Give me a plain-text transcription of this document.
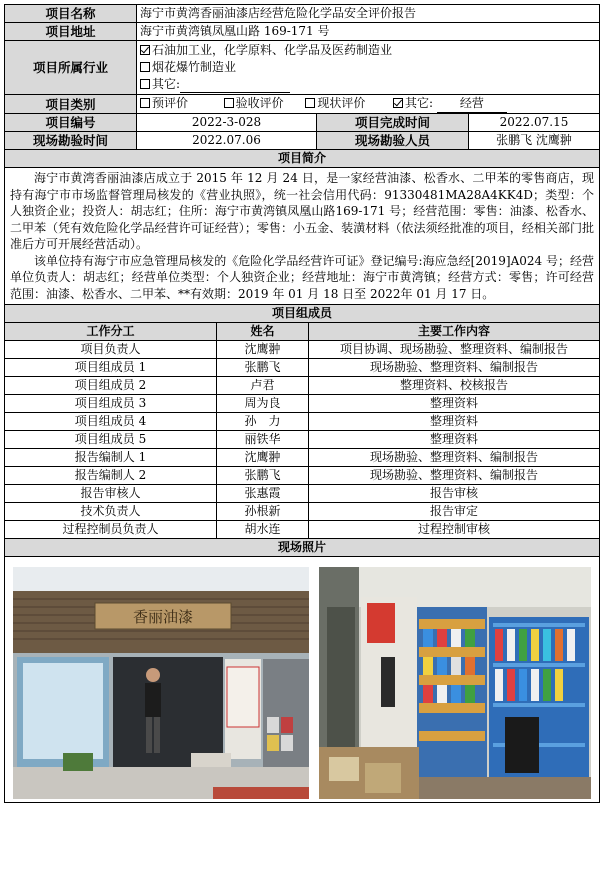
项目名称	海宁市黄湾香丽油漆店经营危险化学品安全评价报告		
项目地址	海宁市黄湾镇凤凰山路 169-171 号		
项目所属行业	石油加工业，化学原料、化学品及医药制造业
烟花爆竹制造业
其它:		

项目类别	预评价 验收评价 现状评价 其它: 经营		
项目编号	2022-3-028	项目完成时间	2022.07.15
现场勘验时间	2022.07.06	现场勘验人员	张鹏飞 沈鹰翀
项目简介			

海宁市黄湾香丽油漆店成立于 2015 年 12 月 24 日，是一家经营油漆、松香水、二甲苯的零售商店，现持有海宁市市场监督管理局核发的《营业执照》，统一社会信用代码：91330481MA28A4KK4D；类型：个人独资企业；投资人：胡志红；住所：海宁市黄湾镇凤凰山路169-171 号；经营范围：零售：油漆、松香水、二甲苯（凭有效危险化学品经营许可证经营）；零售：小五金、装潢材料（依法须经批准的项目，经相关部门批准后方可开展经营活动）。

该单位持有海宁市应急管理局核发的《危险化学品经营许可证》登记编号:海应急经[2019]A024 号；经营单位负责人：胡志红；经营单位类型：个人独资企业；经营地址：海宁市黄湾镇；经营方式：零售；许可经营范围：油漆、松香水、二甲苯、**有效期：2019 年 01 月 18 日至 2022年 01 月 17 日。			

项目组成员		
工作分工	姓名	主要工作内容
项目负责人	沈鹰翀	项目协调、现场勘验、整理资料、编制报告
项目组成员 1	张鹏飞	现场勘验、整理资料、编制报告
项目组成员 2	卢君	整理资料、校核报告
项目组成员 3	周为良	整理资料
项目组成员 4	孙　力	整理资料
项目组成员 5	丽铁华	整理资料
报告编制人 1	沈鹰翀	现场勘验、整理资料、编制报告
报告编制人 2	张鹏飞	现场勘验、整理资料、编制报告
报告审核人	张惠霞	报告审核
技术负责人	孙根新	报告审定
过程控制员负责人	胡水连	过程控制审核
现场照片		

香丽油漆		
